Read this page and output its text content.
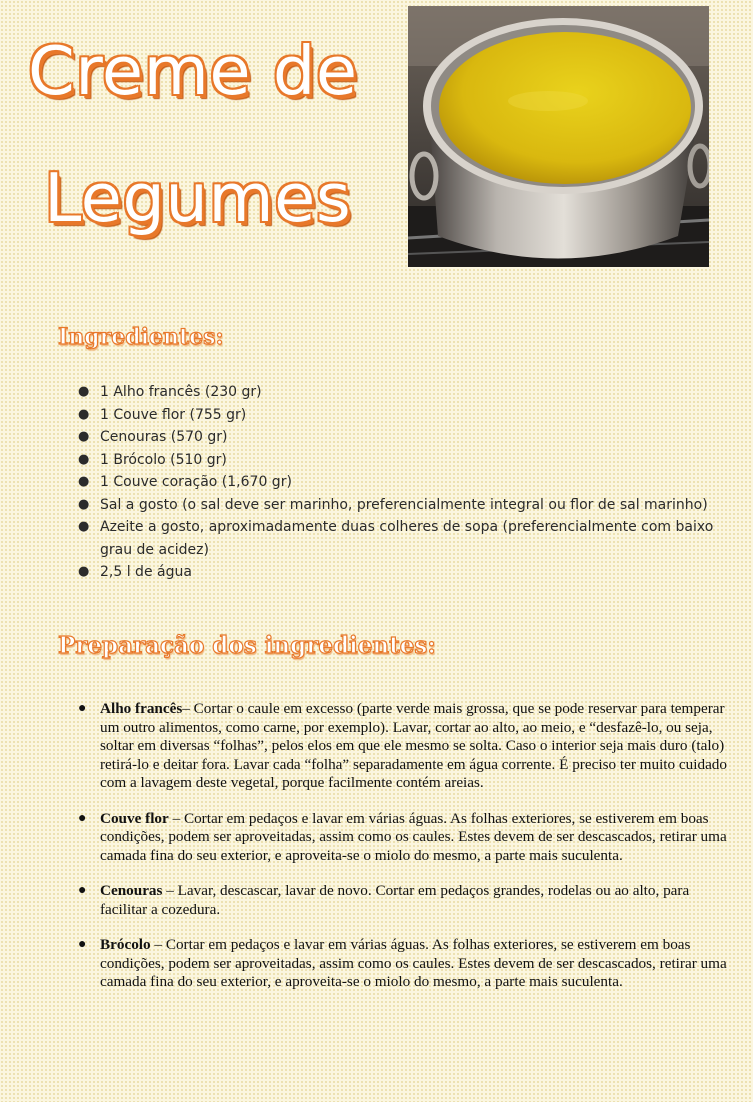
Creme de
Legumes
Ingredientes:
● 1 Alho francês (230 gr)
● 1 Couve flor (755 gr)
● Cenouras (570 gr)
● 1 Brócolo (510 gr)
● 1 Couve coração (1,670 gr)
● Sal a gosto (o sal deve ser marinho, preferencialmente integral ou flor de sal marinho)
● Azeite a gosto, aproximadamente duas colheres de sopa (preferencialmente com baixo grau de acidez)
● 2,5 l de água
Preparação dos ingredientes:
● Alho francês– Cortar o caule em excesso (parte verde mais grossa, que se pode reservar para temperar um outro alimentos, como carne, por exemplo). Lavar, cortar ao alto, ao meio, e “desfazê-lo, ou seja, soltar em diversas “folhas”, pelos elos em que ele mesmo se solta. Caso o interior seja mais duro (talo) retirá-lo e deitar fora. Lavar cada “folha” separadamente em água corrente. É preciso ter muito cuidado com a lavagem deste vegetal, porque facilmente contém areias.
● Couve flor – Cortar em pedaços e lavar em várias águas. As folhas exteriores, se estiverem em boas condições, podem ser aproveitadas, assim como os caules. Estes devem de ser descascados, retirar uma camada fina do seu exterior, e aproveita-se o miolo do mesmo, a parte mais suculenta.
● Cenouras – Lavar, descascar, lavar de novo. Cortar em pedaços grandes, rodelas ou ao alto, para facilitar a cozedura.
● Brócolo – Cortar em pedaços e lavar em várias águas. As folhas exteriores, se estiverem em boas condições, podem ser aproveitadas, assim como os caules. Estes devem de ser descascados, retirar uma camada fina do seu exterior, e aproveita-se o miolo do mesmo, a parte mais suculenta.
